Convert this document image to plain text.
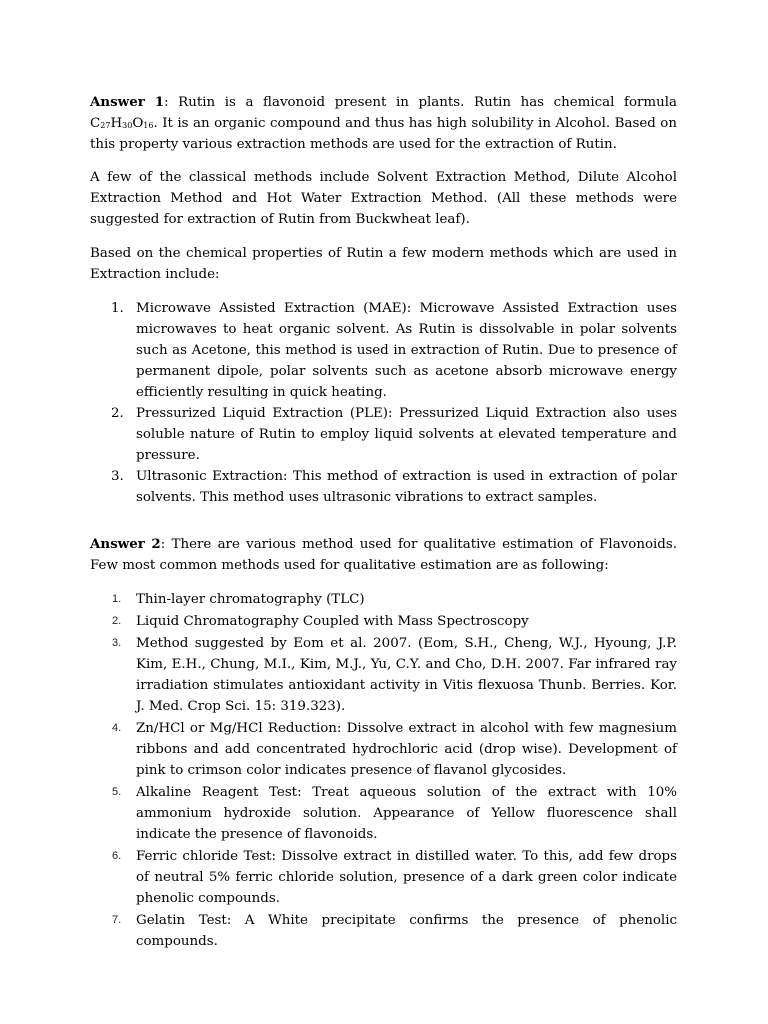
Answer 1: Rutin is a flavonoid present in plants. Rutin has chemical formula $C_{27}H_{30}O_{16}$. It is an organic compound and thus has high solubility in Alcohol. Based on this property various extraction methods are used for the extraction of Rutin.

A few of the classical methods include Solvent Extraction Method, Dilute Alcohol Extraction Method and Hot Water Extraction Method. (All these methods were suggested for extraction of Rutin from Buckwheat leaf).

Based on the chemical properties of Rutin a few modern methods which are used in Extraction include:

1. Microwave Assisted Extraction (MAE): Microwave Assisted Extraction uses microwaves to heat organic solvent. As Rutin is dissolvable in polar solvents such as Acetone, this method is used in extraction of Rutin. Due to presence of permanent dipole, polar solvents such as acetone absorb microwave energy efficiently resulting in quick heating.
2. Pressurized Liquid Extraction (PLE): Pressurized Liquid Extraction also uses soluble nature of Rutin to employ liquid solvents at elevated temperature and pressure.
3. Ultrasonic Extraction: This method of extraction is used in extraction of polar solvents. This method uses ultrasonic vibrations to extract samples.

Answer 2: There are various method used for qualitative estimation of Flavonoids. Few most common methods used for qualitative estimation are as following:

1.	Thin-layer chromatography (TLC)
2.	Liquid Chromatography Coupled with Mass Spectroscopy
3.	Method suggested by Eom et al. 2007. (Eom, S.H., Cheng, W.J., Hyoung, J.P. Kim, E.H., Chung, M.I., Kim, M.J., Yu, C.Y. and Cho, D.H. 2007. Far infrared ray irradiation stimulates antioxidant activity in Vitis flexuosa Thunb. Berries. Kor. J. Med. Crop Sci. 15: 319.323).
4.	Zn/HCl or Mg/HCl Reduction: Dissolve extract in alcohol with few magnesium ribbons and add concentrated hydrochloric acid (drop wise). Development of pink to crimson color indicates presence of flavanol glycosides.
5.	Alkaline Reagent Test: Treat aqueous solution of the extract with 10% ammonium hydroxide solution. Appearance of Yellow fluorescence shall indicate the presence of flavonoids.
6.	Ferric chloride Test: Dissolve extract in distilled water. To this, add few drops of neutral 5% ferric chloride solution, presence of a dark green color indicate phenolic compounds.
7.	Gelatin Test: A White precipitate confirms the presence of phenolic compounds.
